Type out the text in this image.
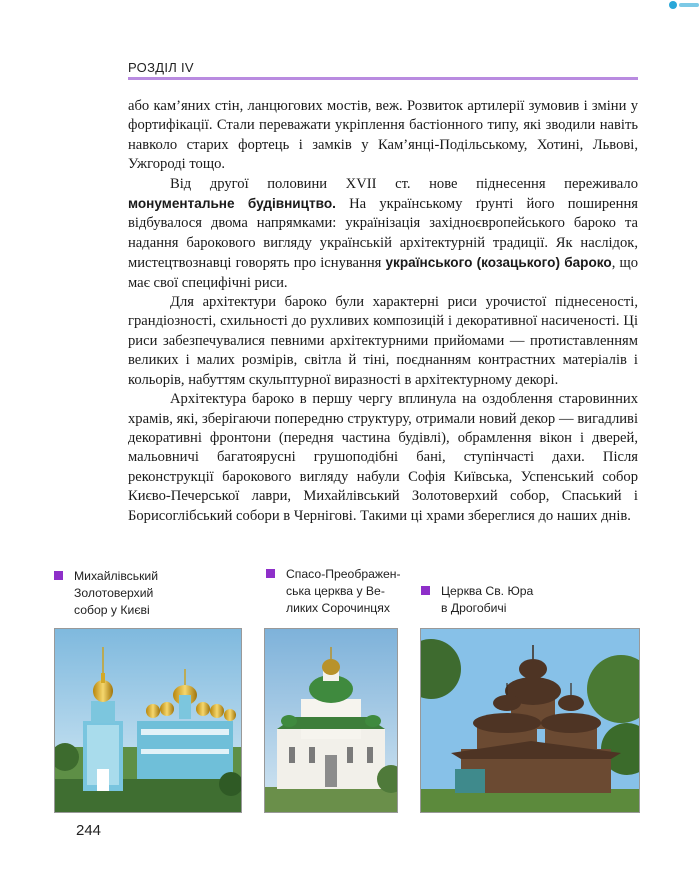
РОЗДІЛ IV

або кам’яних стін, ланцюгових мостів, веж. Розвиток артилерії зумовив і зміни у фортифікації. Стали переважати укріплення бастіонного типу, які зводили навіть навколо старих фортець і замків у Кам’янці-Подільському, Хотині, Львові, Ужгороді тощо.

Від другої половини XVII ст. нове піднесення переживало монументальне будівництво. На українському ґрунті його поширення відбувалося двома напрямками: українізація західноєвропейського бароко та надання барокового вигляду українській архітектурній традиції. Як наслідок, мистецтвознавці говорять про існування українського (козацького) бароко, що має свої специфічні риси.

Для архітектури бароко були характерні риси урочистої піднесеності, грандіозності, схильності до рухливих композицій і декоративної насиченості. Ці риси забезпечувалися певними архітектурними прийомами — протиставленням великих і малих розмірів, світла й тіні, поєднанням контрастних матеріалів і кольорів, набуттям скульптурної виразності в архітектурному декорі.

Архітектура бароко в першу чергу вплинула на оздоблення старовинних храмів, які, зберігаючи попередню структуру, отримали новий декор — вигадливі декоративні фронтони (передня частина будівлі), обрамлення вікон і дверей, мальовничі багатоярусні грушоподібні бані, ступінчасті дахи. Після реконструкції барокового вигляду набули Софія Київська, Успенський собор Києво-Печерської лаври, Михайлівський Золотоверхий собор, Спаський і Борисоглібський собори в Чернігові. Такими ці храми збереглися до наших днів.

Михайлівський
Золотоверхий
собор у Києві
Спасо-Преображен-
ська церква у Ве-
ликих Сорочинцях
Церква Св. Юра
в Дрогобичі
244
